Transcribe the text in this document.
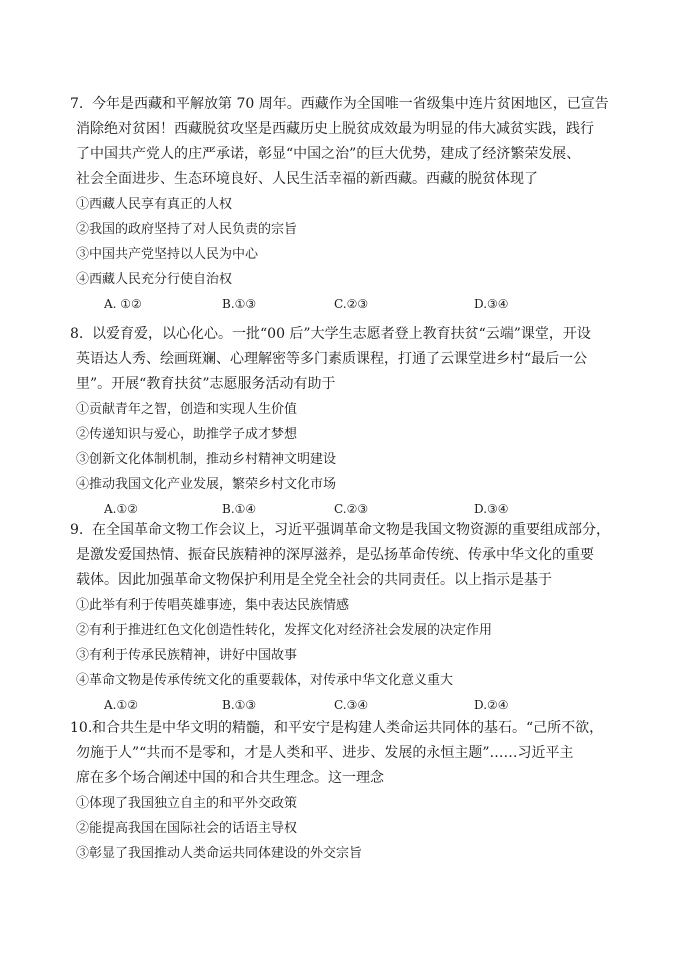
7. 今年是西藏和平解放第 70 周年。西藏作为全国唯一省级集中连片贫困地区，已宣告
消除绝对贫困！西藏脱贫攻坚是西藏历史上脱贫成效最为明显的伟大减贫实践，践行
了中国共产党人的庄严承诺，彰显“中国之治”的巨大优势，建成了经济繁荣发展、
社会全面进步、生态环境良好、人民生活幸福的新西藏。西藏的脱贫体现了
①西藏人民享有真正的人权
②我国的政府坚持了对人民负责的宗旨
③中国共产党坚持以人民为中心
④西藏人民充分行使自治权
A. ①②	B.①③	C.②③	D.③④
8. 以爱育爱，以心化心。一批“00 后”大学生志愿者登上教育扶贫“云端”课堂，开设
英语达人秀、绘画斑斓、心理解密等多门素质课程，打通了云课堂进乡村“最后一公
里”。开展“教育扶贫”志愿服务活动有助于
①贡献青年之智，创造和实现人生价值
②传递知识与爱心，助推学子成才梦想
③创新文化体制机制，推动乡村精神文明建设
④推动我国文化产业发展，繁荣乡村文化市场
A.①②	B.①④	C.②③	D.③④
9. 在全国革命文物工作会议上，习近平强调革命文物是我国文物资源的重要组成部分，
是激发爱国热情、振奋民族精神的深厚滋养，是弘扬革命传统、传承中华文化的重要
载体。因此加强革命文物保护利用是全党全社会的共同责任。以上指示是基于
①此举有利于传唱英雄事迹，集中表达民族情感
②有利于推进红色文化创造性转化，发挥文化对经济社会发展的决定作用
③有利于传承民族精神，讲好中国故事
④革命文物是传承传统文化的重要载体，对传承中华文化意义重大
A.①②	B.①③	C.③④	D.②④
10. 和合共生是中华文明的精髓，和平安宁是构建人类命运共同体的基石。“己所不欲，
勿施于人”“共而不是零和，才是人类和平、进步、发展的永恒主题”……习近平主
席在多个场合阐述中国的和合共生理念。这一理念
①体现了我国独立自主的和平外交政策
②能提高我国在国际社会的话语主导权
③彰显了我国推动人类命运共同体建设的外交宗旨
